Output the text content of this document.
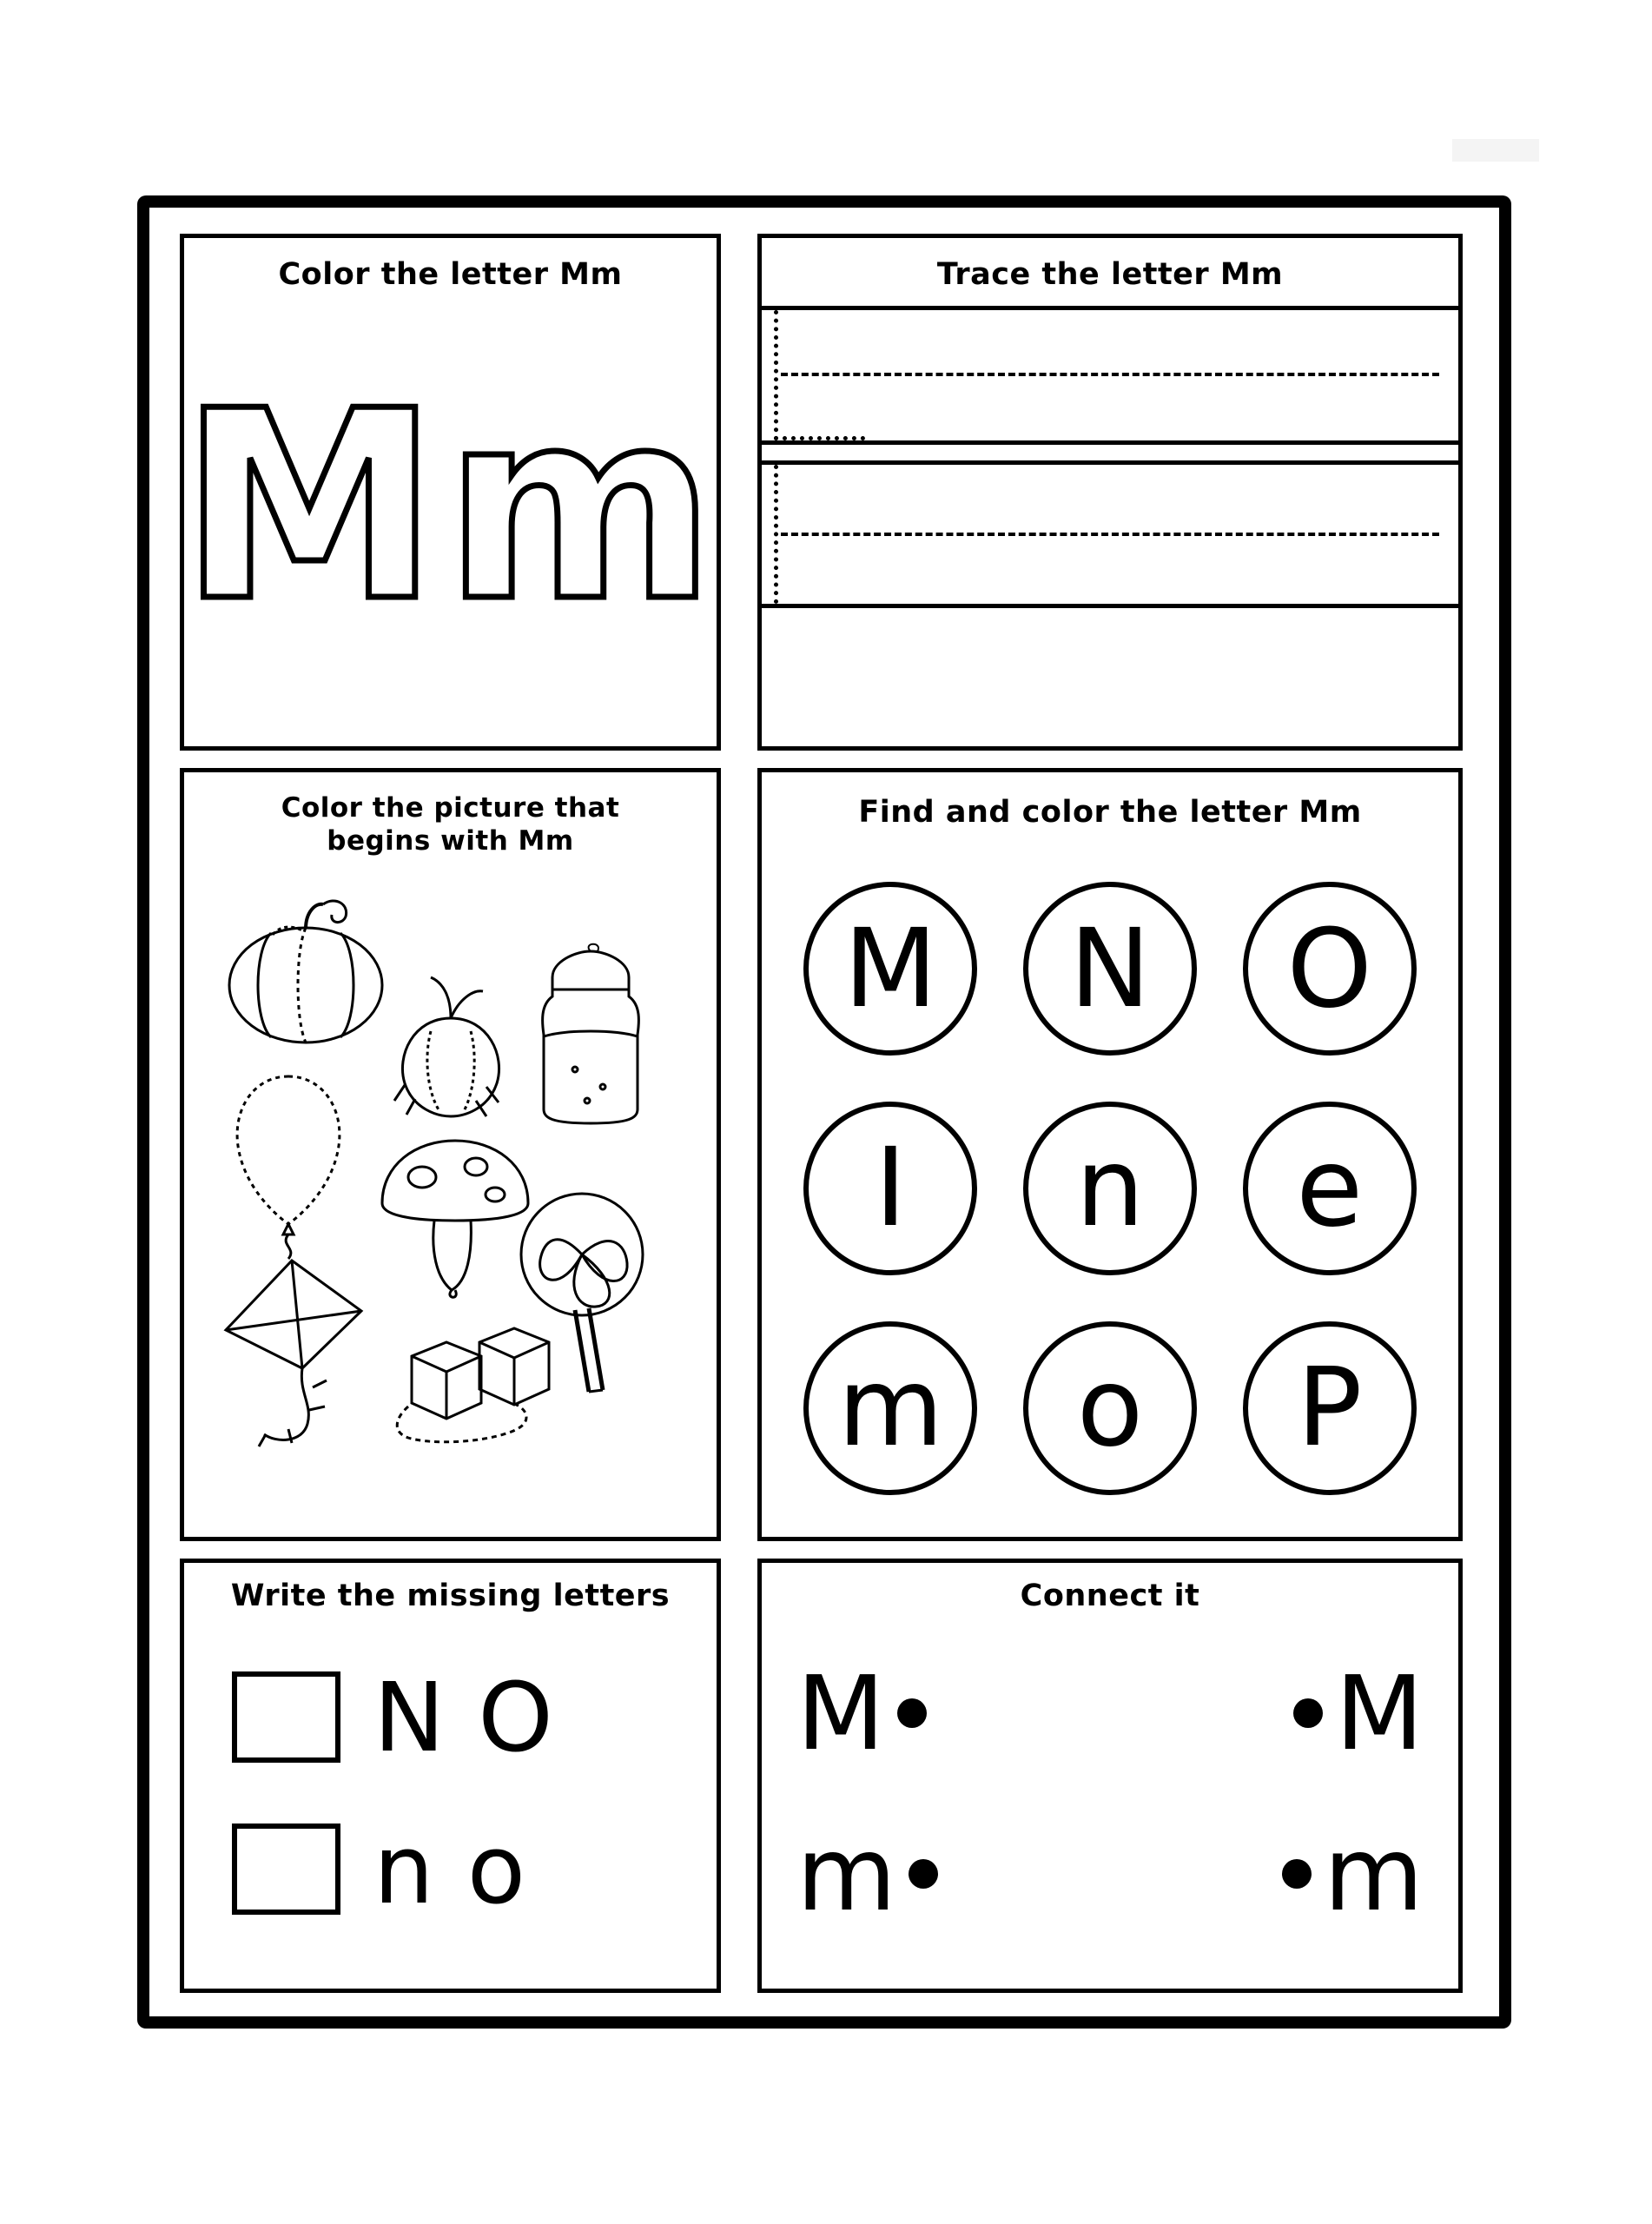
Color the letter Mm
Mm
Trace the letter Mm
Color the picture that
begins with Mm
Find and color the letter Mm
M	N	O
I	n	e
m	o	P
Write the missing letters
N O
n o
Connect it
M	M
m	m
